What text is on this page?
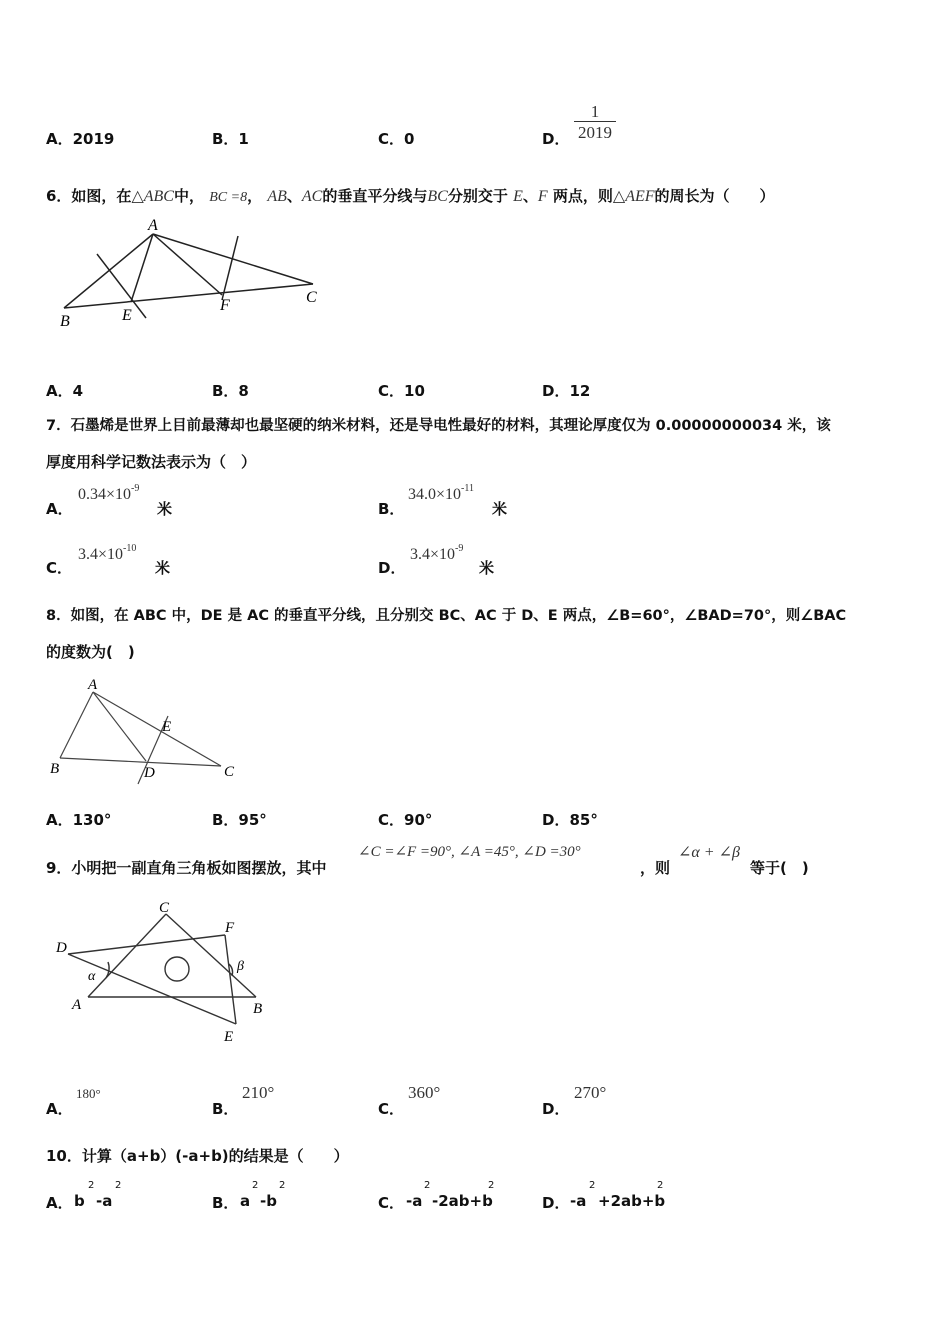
A．2019	B．1	C．0	D． $\frac{1}{2019}$
6．如图，在△ABC中， BC =8， AB、AC的垂直平分线与BC分别交于 E、F 两点，则△AEF的周长为（　　）
A
B
C
E
F
A．4	B．8	C．10	D．12
7．石墨烯是世界上目前最薄却也最坚硬的纳米材料，还是导电性最好的材料，其理论厚度仅为 0.00000000034 米，该
厚度用科学记数法表示为（　）
A．
$0.34\times 10^{-9}$
米	B．
$34.0\times 10^{-11}$
米
C．
$3.4\times 10^{-10}$
米	D．
$3.4\times 10^{-9}$
米
8．如图，在 ABC 中，DE 是 AC 的垂直平分线，且分别交 BC、AC 于 D、E 两点，∠B=60°，∠BAD=70°，则∠BAC
的度数为(　)
A
B	C
D
E
A．130°	B．95°	C．90°	D．85°
9．小明把一副直角三角板如图摆放，其中
∠C =∠F =90°, ∠A =45°, ∠D =30°
，则
∠α + ∠β
等于(　)
C
D
F
A	B
E
α
β
A．
180°
B．
210°
C．
360°
D．
270°
10．计算（a+b）(-a+b)的结果是（　　）
A． b
2
-a
2
B． a
2
-b
2
C． -a
2
-2ab+b
2
D． -a
2
+2ab+b
2
